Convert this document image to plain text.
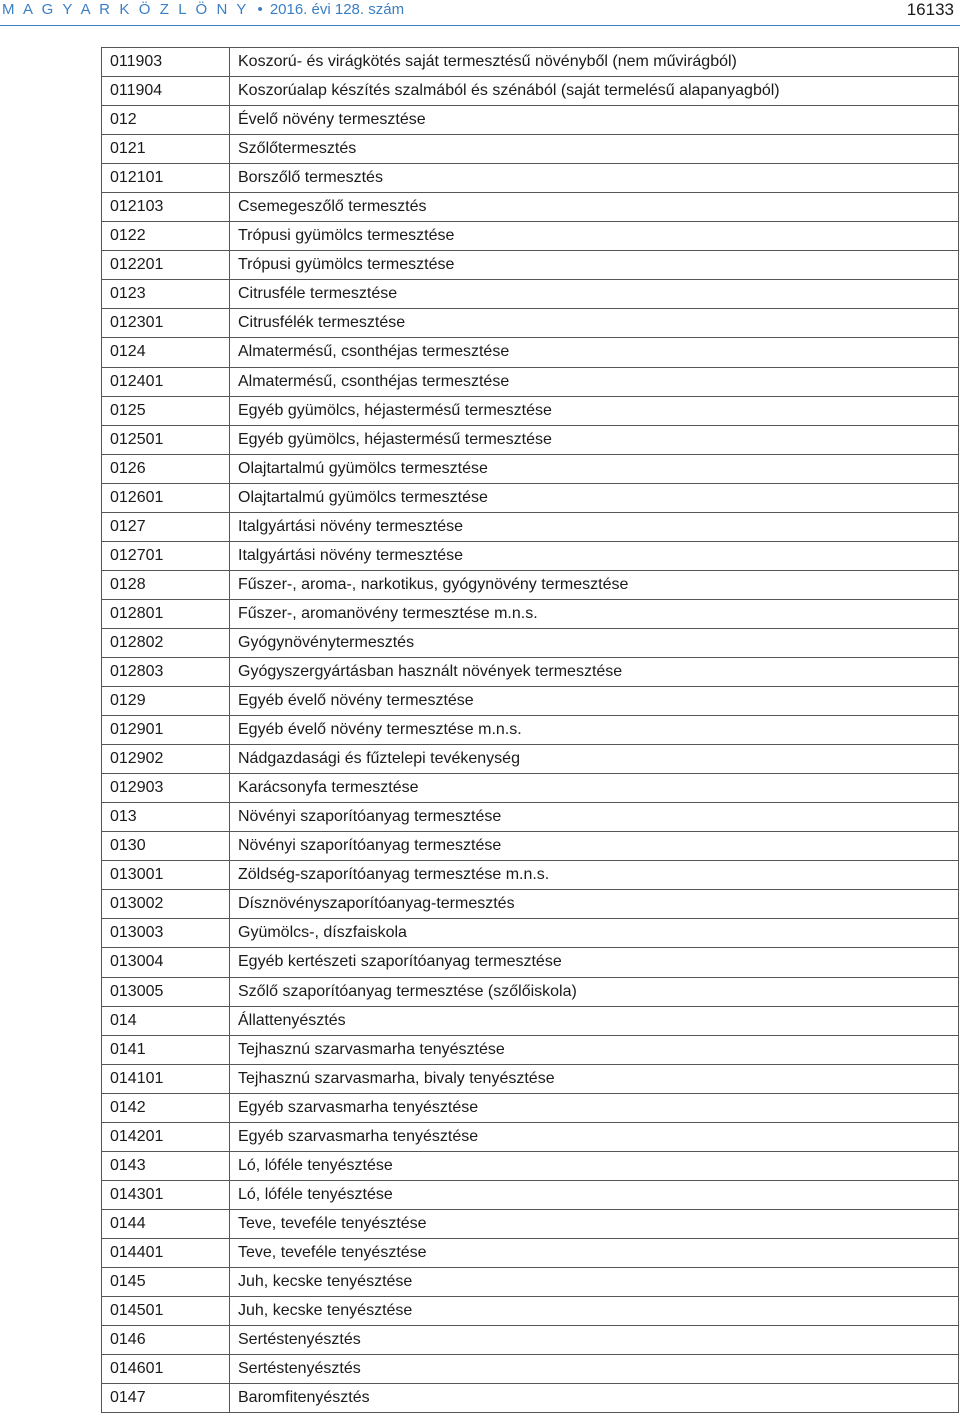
M A G Y A R K Ö Z L Ö N Y • 2016. évi 128. szám	16133
011903	Koszorú- és virágkötés saját termesztésű növényből (nem művirágból)
011904	Koszorúalap készítés szalmából és szénából (saját termelésű alapanyagból)
012	Évelő növény termesztése
0121	Szőlőtermesztés
012101	Borszőlő termesztés
012103	Csemegeszőlő termesztés
0122	Trópusi gyümölcs termesztése
012201	Trópusi gyümölcs termesztése
0123	Citrusféle termesztése
012301	Citrusfélék termesztése
0124	Almatermésű, csonthéjas termesztése
012401	Almatermésű, csonthéjas termesztése
0125	Egyéb gyümölcs, héjastermésű termesztése
012501	Egyéb gyümölcs, héjastermésű termesztése
0126	Olajtartalmú gyümölcs termesztése
012601	Olajtartalmú gyümölcs termesztése
0127	Italgyártási növény termesztése
012701	Italgyártási növény termesztése
0128	Fűszer-, aroma-, narkotikus, gyógynövény termesztése
012801	Fűszer-, aromanövény termesztése m.n.s.
012802	Gyógynövénytermesztés
012803	Gyógyszergyártásban használt növények termesztése
0129	Egyéb évelő növény termesztése
012901	Egyéb évelő növény termesztése m.n.s.
012902	Nádgazdasági és fűztelepi tevékenység
012903	Karácsonyfa termesztése
013	Növényi szaporítóanyag termesztése
0130	Növényi szaporítóanyag termesztése
013001	Zöldség-szaporítóanyag termesztése m.n.s.
013002	Dísznövényszaporítóanyag-termesztés
013003	Gyümölcs-, díszfaiskola
013004	Egyéb kertészeti szaporítóanyag termesztése
013005	Szőlő szaporítóanyag termesztése (szőlőiskola)
014	Állattenyésztés
0141	Tejhasznú szarvasmarha tenyésztése
014101	Tejhasznú szarvasmarha, bivaly tenyésztése
0142	Egyéb szarvasmarha tenyésztése
014201	Egyéb szarvasmarha tenyésztése
0143	Ló, lóféle tenyésztése
014301	Ló, lóféle tenyésztése
0144	Teve, teveféle tenyésztése
014401	Teve, teveféle tenyésztése
0145	Juh, kecske tenyésztése
014501	Juh, kecske tenyésztése
0146	Sertéstenyésztés
014601	Sertéstenyésztés
0147	Baromfitenyésztés
